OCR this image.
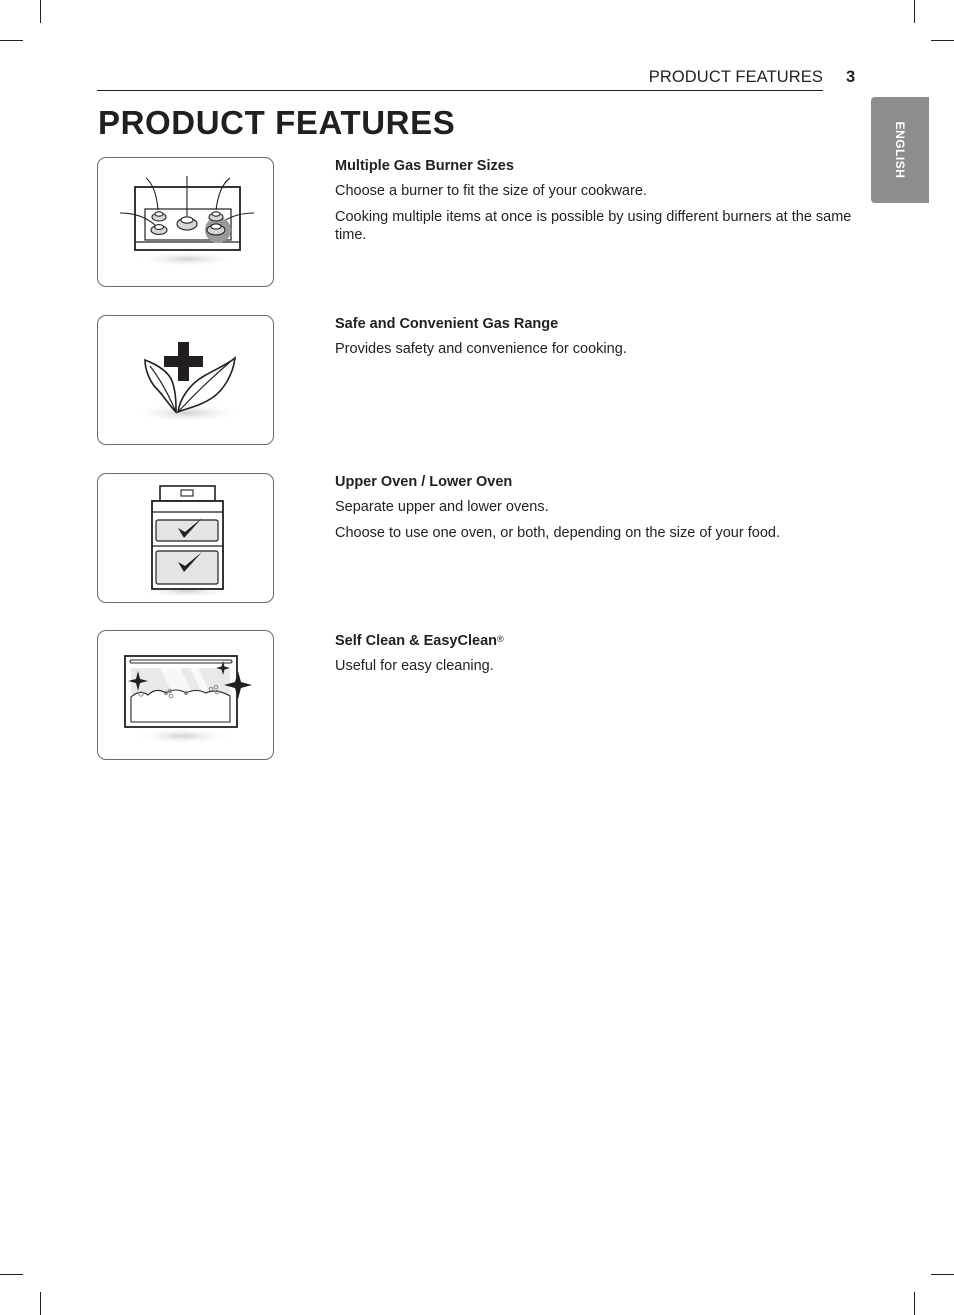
PRODUCT FEATURES 3
ENGLISH
PRODUCT FEATURES

Multiple Gas Burner Sizes

Choose a burner to fit the size of your cookware.

Cooking multiple items at once is possible by using different burners at the same time.

Safe and Convenient Gas Range

Provides safety and convenience for cooking.

Upper Oven / Lower Oven

Separate upper and lower ovens.

Choose to use one oven, or both, depending on the size of your food.

Self Clean & EasyClean®

Useful for easy cleaning.
